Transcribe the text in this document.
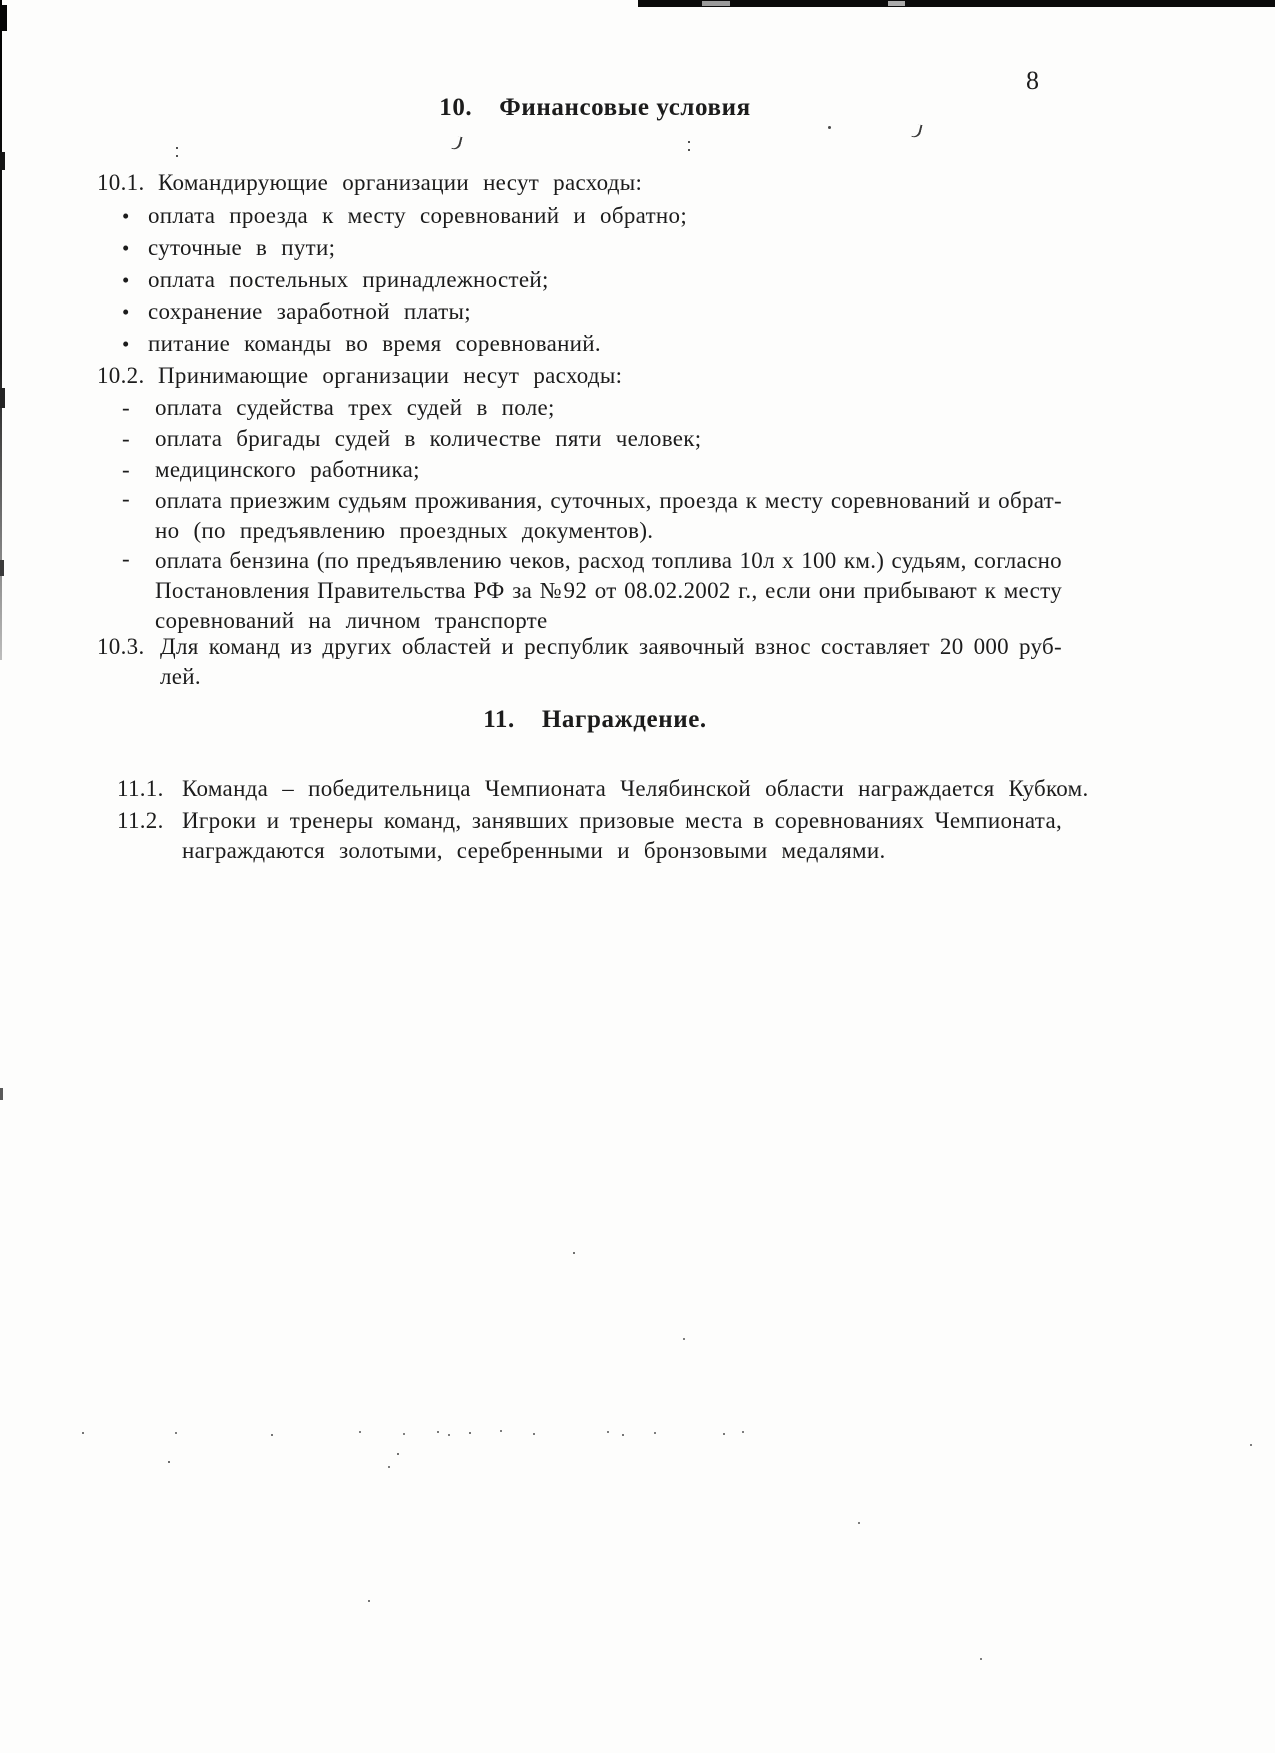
8
10. Финансовые условия
10.1. Командирующие организации несут расходы:
• оплата проезда к месту соревнований и обратно;
• суточные в пути;
• оплата постельных принадлежностей;
• сохранение заработной платы;
• питание команды во время соревнований.
10.2. Принимающие организации несут расходы:
- оплата судейства трех судей в поле;
- оплата бригады судей в количестве пяти человек;
- медицинского работника;
- оплата приезжим судьям проживания, суточных, проезда к месту соревнований и обрат-
но (по предъявлению проездных документов).
- оплата бензина (по предъявлению чеков, расход топлива 10л х 100 км.) судьям, согласно
Постановления Правительства РФ за №92 от 08.02.2002 г., если они прибывают к месту
соревнований на личном транспорте
10.3. Для команд из других областей и республик заявочный взнос составляет 20 000 руб-
лей.
11. Награждение.
11.1. Команда – победительница Чемпионата Челябинской области награждается Кубком.
11.2. Игроки и тренеры команд, занявших призовые места в соревнованиях Чемпионата,
награждаются золотыми, серебренными и бронзовыми медалями.
